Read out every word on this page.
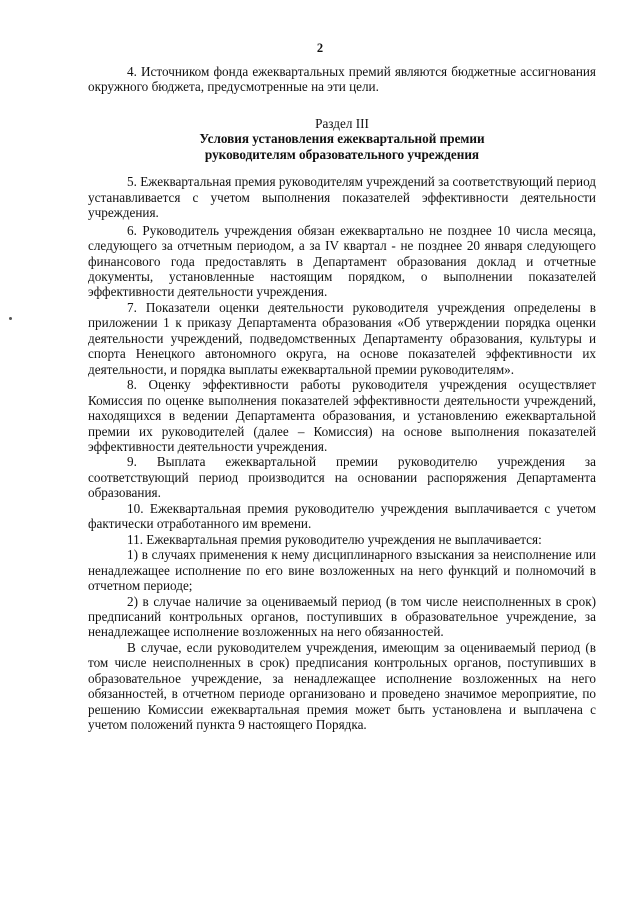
2

4. Источником фонда ежеквартальных премий являются бюджетные ассигнования окружного бюджета, предусмотренные на эти цели.

Раздел III
Условия установления ежеквартальной премии
руководителям образовательного учреждения

5. Ежеквартальная премия руководителям учреждений за соответствующий период устанавливается с учетом выполнения показателей эффективности деятельности учреждения.

6. Руководитель учреждения обязан ежеквартально не позднее 10 числа месяца, следующего за отчетным периодом, а за IV квартал - не позднее 20 января следующего финансового года предоставлять в Департамент образования доклад и отчетные документы, установленные настоящим порядком, о выполнении показателей эффективности деятельности учреждения.

7. Показатели оценки деятельности руководителя учреждения определены в приложении 1 к приказу Департамента образования «Об утверждении порядка оценки деятельности учреждений, подведомственных Департаменту образования, культуры и спорта Ненецкого автономного округа, на основе показателей эффективности их деятельности, и порядка выплаты ежеквартальной премии руководителям».

8. Оценку эффективности работы руководителя учреждения осуществляет Комиссия по оценке выполнения показателей эффективности деятельности учреждений, находящихся в ведении Департамента образования, и установлению ежеквартальной премии их руководителей (далее – Комиссия) на основе выполнения показателей эффективности деятельности учреждения.

9. Выплата ежеквартальной премии руководителю учреждения за соответствующий период производится на основании распоряжения Департамента образования.

10. Ежеквартальная премия руководителю учреждения выплачивается с учетом фактически отработанного им времени.

11. Ежеквартальная премия руководителю учреждения не выплачивается:

1) в случаях применения к нему дисциплинарного взыскания за неисполнение или ненадлежащее исполнение по его вине возложенных на него функций и полномочий в отчетном периоде;

2) в случае наличие за оцениваемый период (в том числе неисполненных в срок) предписаний контрольных органов, поступивших в образовательное учреждение, за ненадлежащее исполнение возложенных на него обязанностей.

В случае, если руководителем учреждения, имеющим за оцениваемый период (в том числе неисполненных в срок) предписания контрольных органов, поступивших в образовательное учреждение, за ненадлежащее исполнение возложенных на него обязанностей, в отчетном периоде организовано и проведено значимое мероприятие, по решению Комиссии ежеквартальная премия может быть установлена и выплачена с учетом положений пункта 9 настоящего Порядка.
